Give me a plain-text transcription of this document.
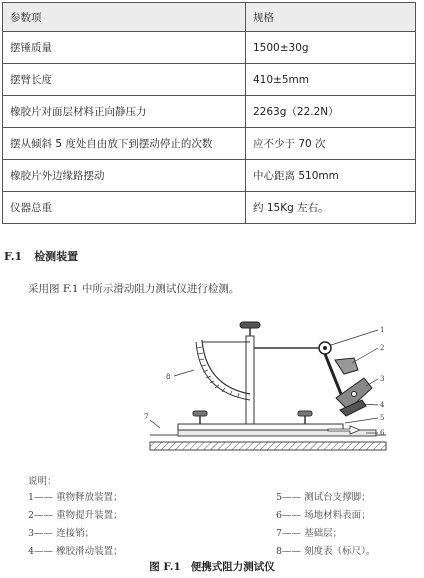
参数项	规格
摆锤质量	1500±30g
摆臂长度	410±5mm
橡胶片对面层材料正向静压力	2263g（22.2N）
摆从倾斜 5 度处自由放下到摆动停止的次数	应不少于 70 次
橡胶片外边缘路摆动	中心距离 510mm
仪器总重	约 15Kg 左右。
F.1 检测装置
采用图 F.1 中所示滑动阻力测试仪进行检测。
1
2
3
4
5
6
7
8
说明：
1—— 重物释放装置；
2—— 重物提升装置；
3—— 连接销；
4—— 橡胶滑动装置；
5—— 测试台支撑脚；
6—— 场地材料表面；
7—— 基础层；
8—— 刻度表（标尺）。
图 F.1 便携式阻力测试仪
